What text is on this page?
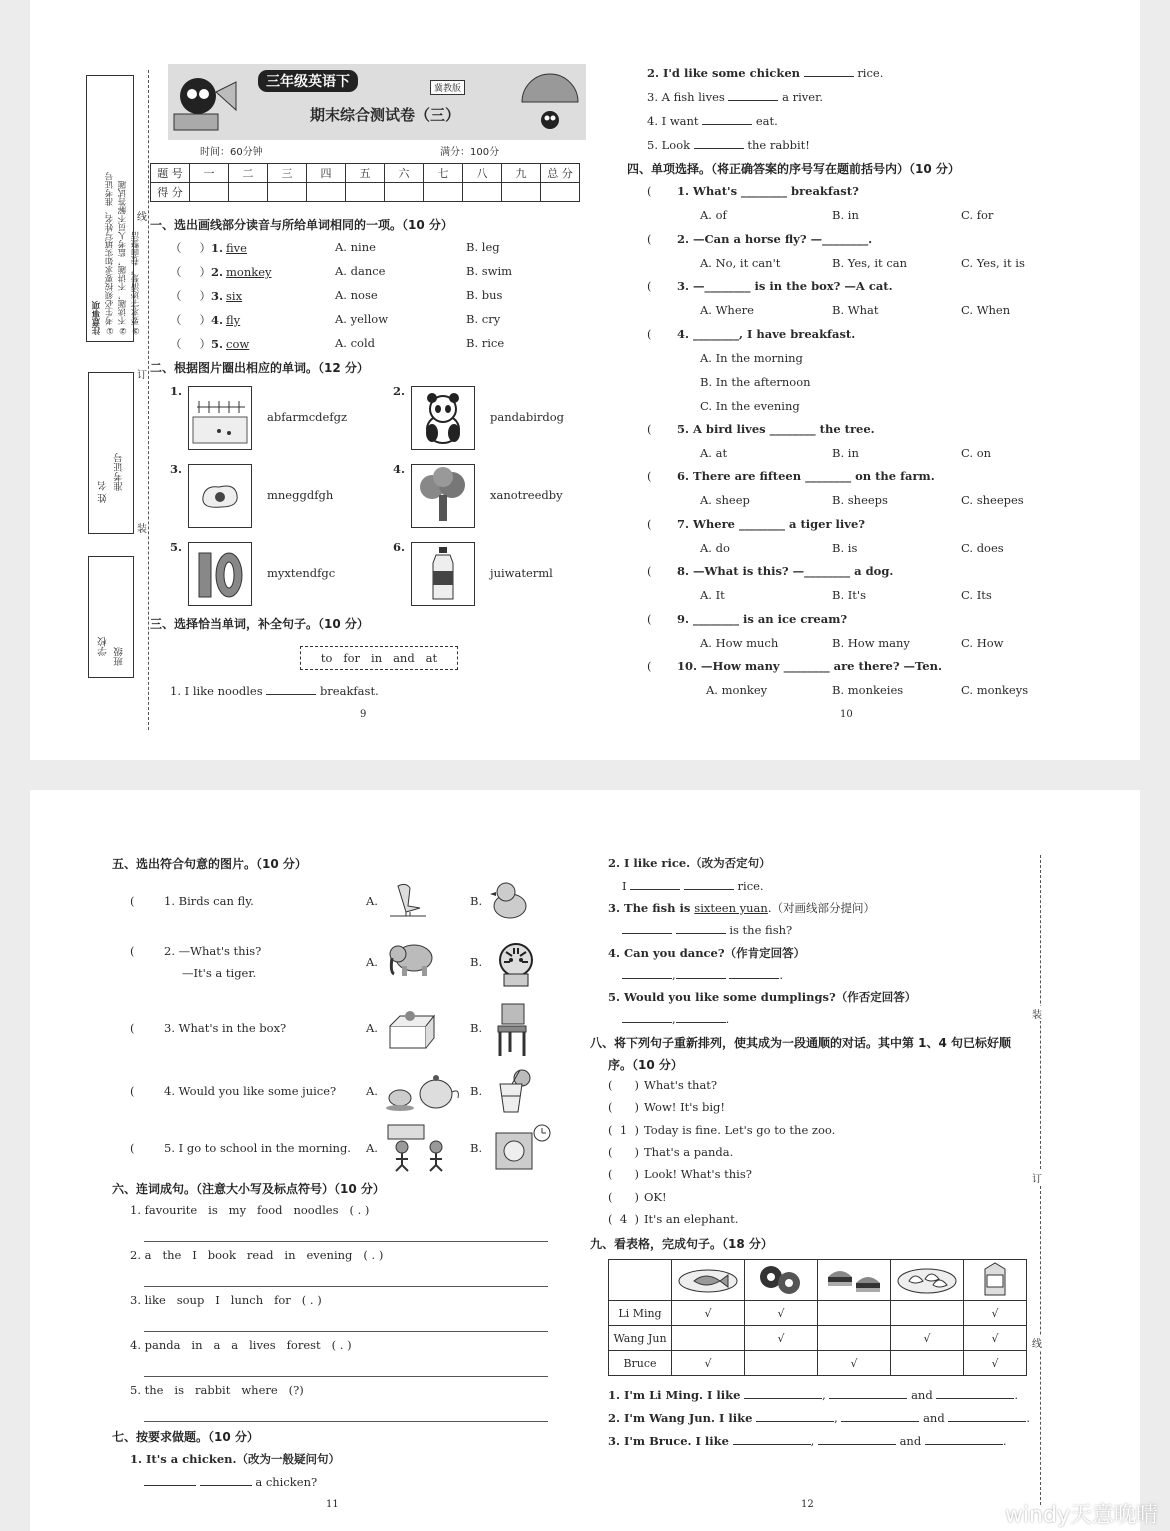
注意事项 ①考生必须按要求如实填写姓名、准考证号 ②不读题，不讲题，监考人员不解答试题 ③要求字迹清楚，卷面整洁
线
订
装
姓 名
准考证号
学校
班级
三年级英语下	冀教版
期末综合测试卷（三）
时间：60分钟	满分：100分
题 号	一	二	三	四	五	六	七	八	九	总 分
得 分										
一、选出画线部分读音与所给单词相同的一项。（10 分）
二、根据图片圈出相应的单词。（12 分）
1.
abfarmcdefgz
2.
pandabirdog
3.
mneggdfgh
4.
xanotreedby
5.
myxtendfgc
6.
juiwaterml
三、选择恰当单词，补全句子。（10 分）
to   for   in   and   at
1. I like noodles	breakfast.
9
2. I'd like some chicken	rice.
3. A fish lives	a river.
4. I want	eat.
5. Look	the rabbit!
四、单项选择。（将正确答案的序号写在题前括号内）（10 分）
10
（ ）1. five	A. nine	B. leg
（ ）2. monkey	A. dance	B. swim
（ ）3. six	A. nose	B. bus
（ ）4. fly	A. yellow	B. cry
（ ）5. cow	A. cold	B. rice
( 1. What's ________ breakfast?
A. of	B. in	C. for
( 2. —Can a horse fly? —________.
A. No, it can't	B. Yes, it can	C. Yes, it is
( 3. —________ is in the box? —A cat.
A. Where	B. What	C. When
( 4. ________, I have breakfast.
A. In the morning
B. In the afternoon
C. In the evening
( 5. A bird lives ________ the tree.
A. at	B. in	C. on
( 6. There are fifteen ________ on the farm.
A. sheep	B. sheeps	C. sheepes
( 7. Where ________ a tiger live?
A. do	B. is	C. does
( 8. —What is this? —________ a dog.
A. It	B. It's	C. Its
( 9. ________ is an ice cream?
A. How much	B. How many	C. How
( 10. —How many ________ are there? —Ten.
A. monkey	B. monkeies	C. monkeys
五、选出符合句意的图片。（10 分）
六、连词成句。（注意大小写及标点符号）（10 分）
七、按要求做题。（10 分）
1. It's a chicken.（改为一般疑问句）
a chicken?
11
2. I like rice.（改为否定句）
I	rice.
3. The fish is sixteen yuan.（对画线部分提问）
is the fish?
4. Can you dance?（作肯定回答）
,	.
5. Would you like some dumplings?（作否定回答）
,	.
八、将下列句子重新排列，使其成为一段通顺的对话。其中第 1、4 句已标好顺
序。（10 分）
九、看表格，完成句子。（18 分）

Li Ming	√	√			√
Wang Jun		√		√	√
Bruce	√		√		√
1. I'm Li Ming. I like	,	and	.
2. I'm Wang Jun. I like	,	and	.
3. I'm Bruce. I like	,	and	.
12
装
订
线
(	1. Birds can fly.	A.	B.
(	2. —What's this?
—It's a tiger.
A.	B.
(	3. What's in the box?	A.	B.
(	4. Would you like some juice?	A.	B.
(	5. I go to school in the morning. A.	B.
1. favourite   is   my   food   noodles   ( . )
2. a   the   I   book   read   in   evening   ( . )
3. like   soup   I   lunch   for   ( . )
4. panda   in   a   a   lives   forest   ( . )
5. the   is   rabbit   where   (?)
( ) What's that?
( ) Wow! It's big!
( 1 ) Today is fine. Let's go to the zoo.
( ) That's a panda.
( ) Look! What's this?
( ) OK!
( 4 ) It's an elephant.
windy天意晚晴
